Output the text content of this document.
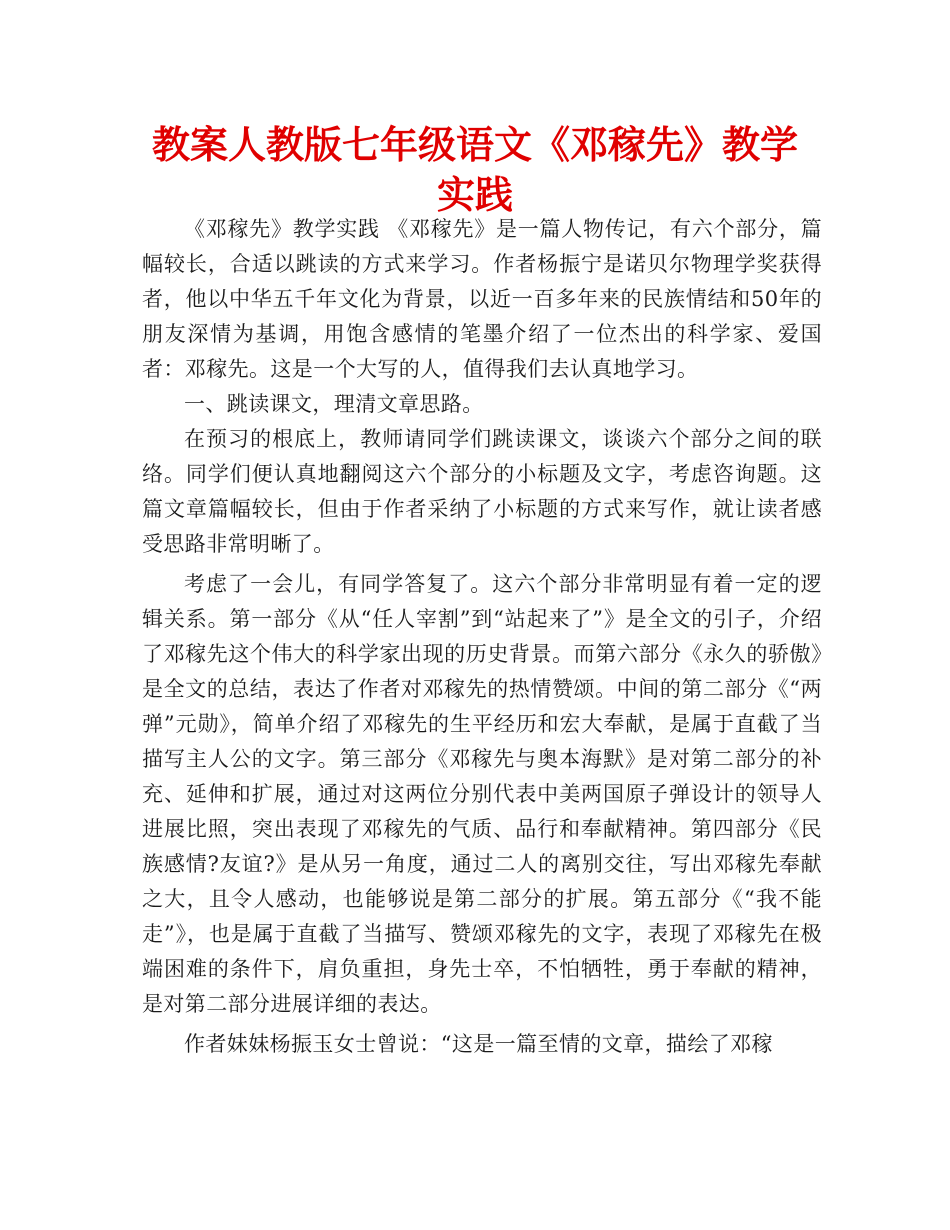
教案人教版七年级语文《邓稼先》教学实践

《邓稼先》教学实践 《邓稼先》是一篇人物传记，有六个部分，篇幅较长，合适以跳读的方式来学习。作者杨振宁是诺贝尔物理学奖获得者，他以中华五千年文化为背景，以近一百多年来的民族情结和50年的朋友深情为基调，用饱含感情的笔墨介绍了一位杰出的科学家、爱国者：邓稼先。这是一个大写的人，值得我们去认真地学习。

一、跳读课文，理清文章思路。

在预习的根底上，教师请同学们跳读课文，谈谈六个部分之间的联络。同学们便认真地翻阅这六个部分的小标题及文字，考虑咨询题。这篇文章篇幅较长，但由于作者采纳了小标题的方式来写作，就让读者感受思路非常明晰了。

考虑了一会儿，有同学答复了。这六个部分非常明显有着一定的逻辑关系。第一部分《从“任人宰割”到“站起来了”》是全文的引子，介绍了邓稼先这个伟大的科学家出现的历史背景。而第六部分《永久的骄傲》是全文的总结，表达了作者对邓稼先的热情赞颂。中间的第二部分《“两弹”元勋》，简单介绍了邓稼先的生平经历和宏大奉献，是属于直截了当描写主人公的文字。第三部分《邓稼先与奥本海默》是对第二部分的补充、延伸和扩展，通过对这两位分别代表中美两国原子弹设计的领导人进展比照，突出表现了邓稼先的气质、品行和奉献精神。第四部分《民族感情?友谊?》是从另一角度，通过二人的离别交往，写出邓稼先奉献之大，且令人感动，也能够说是第二部分的扩展。第五部分《“我不能走”》，也是属于直截了当描写、赞颂邓稼先的文字，表现了邓稼先在极端困难的条件下，肩负重担，身先士卒，不怕牺牲，勇于奉献的精神，是对第二部分进展详细的表达。

作者妹妹杨振玉女士曾说：“这是一篇至情的文章，描绘了邓稼
